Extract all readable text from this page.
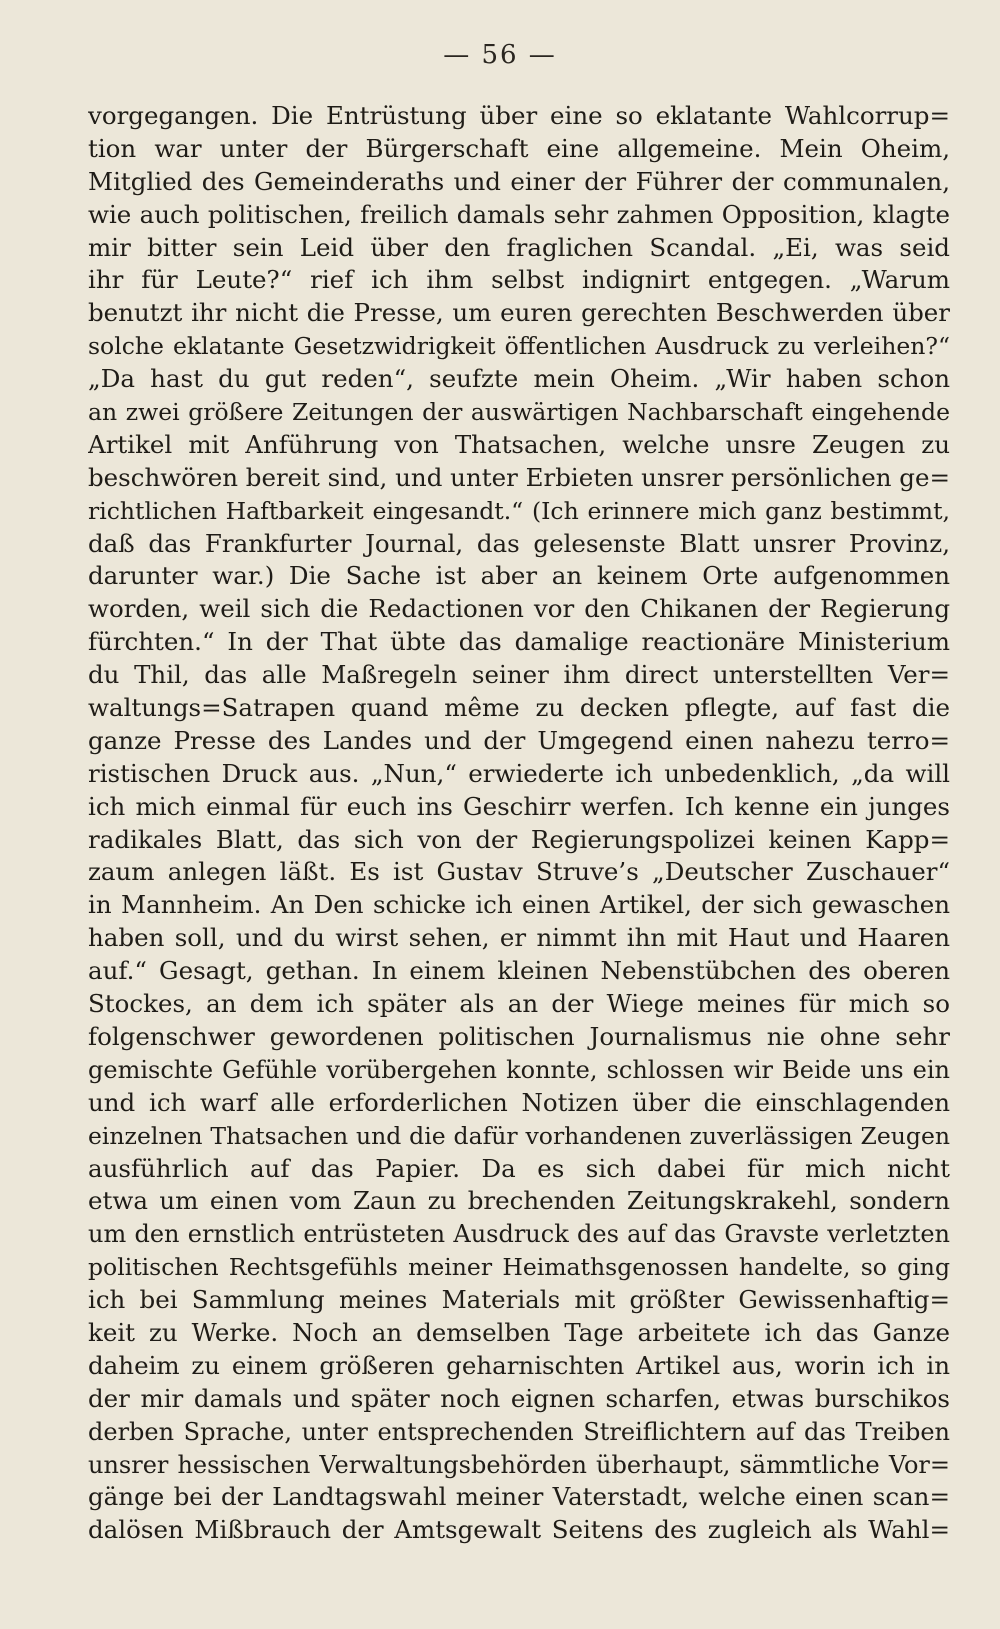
— 56 —
vorgegangen. Die Entrüstung über eine so eklatante Wahlcorrup=
tion war unter der Bürgerschaft eine allgemeine. Mein Oheim,
Mitglied des Gemeinderaths und einer der Führer der communalen,
wie auch politischen, freilich damals sehr zahmen Opposition, klagte
mir bitter sein Leid über den fraglichen Scandal. „Ei, was seid
ihr für Leute?“ rief ich ihm selbst indignirt entgegen. „Warum
benutzt ihr nicht die Presse, um euren gerechten Beschwerden über
solche eklatante Gesetzwidrigkeit öffentlichen Ausdruck zu verleihen?“
„Da hast du gut reden“, seufzte mein Oheim. „Wir haben schon
an zwei größere Zeitungen der auswärtigen Nachbarschaft eingehende
Artikel mit Anführung von Thatsachen, welche unsre Zeugen zu
beschwören bereit sind, und unter Erbieten unsrer persönlichen ge=
richtlichen Haftbarkeit eingesandt.“ (Ich erinnere mich ganz bestimmt,
daß das Frankfurter Journal, das gelesenste Blatt unsrer Provinz,
darunter war.) Die Sache ist aber an keinem Orte aufgenommen
worden, weil sich die Redactionen vor den Chikanen der Regierung
fürchten.“ In der That übte das damalige reactionäre Ministerium
du Thil, das alle Maßregeln seiner ihm direct unterstellten Ver=
waltungs=Satrapen quand même zu decken pflegte, auf fast die
ganze Presse des Landes und der Umgegend einen nahezu terro=
ristischen Druck aus. „Nun,“ erwiederte ich unbedenklich, „da will
ich mich einmal für euch ins Geschirr werfen. Ich kenne ein junges
radikales Blatt, das sich von der Regierungspolizei keinen Kapp=
zaum anlegen läßt. Es ist Gustav Struve’s „Deutscher Zuschauer“
in Mannheim. An Den schicke ich einen Artikel, der sich gewaschen
haben soll, und du wirst sehen, er nimmt ihn mit Haut und Haaren
auf.“ Gesagt, gethan. In einem kleinen Nebenstübchen des oberen
Stockes, an dem ich später als an der Wiege meines für mich so
folgenschwer gewordenen politischen Journalismus nie ohne sehr
gemischte Gefühle vorübergehen konnte, schlossen wir Beide uns ein
und ich warf alle erforderlichen Notizen über die einschlagenden
einzelnen Thatsachen und die dafür vorhandenen zuverlässigen Zeugen
ausführlich auf das Papier. Da es sich dabei für mich nicht
etwa um einen vom Zaun zu brechenden Zeitungskrakehl, sondern
um den ernstlich entrüsteten Ausdruck des auf das Gravste verletzten
politischen Rechtsgefühls meiner Heimathsgenossen handelte, so ging
ich bei Sammlung meines Materials mit größter Gewissenhaftig=
keit zu Werke. Noch an demselben Tage arbeitete ich das Ganze
daheim zu einem größeren geharnischten Artikel aus, worin ich in
der mir damals und später noch eignen scharfen, etwas burschikos
derben Sprache, unter entsprechenden Streiflichtern auf das Treiben
unsrer hessischen Verwaltungsbehörden überhaupt, sämmtliche Vor=
gänge bei der Landtagswahl meiner Vaterstadt, welche einen scan=
dalösen Mißbrauch der Amtsgewalt Seitens des zugleich als Wahl=
